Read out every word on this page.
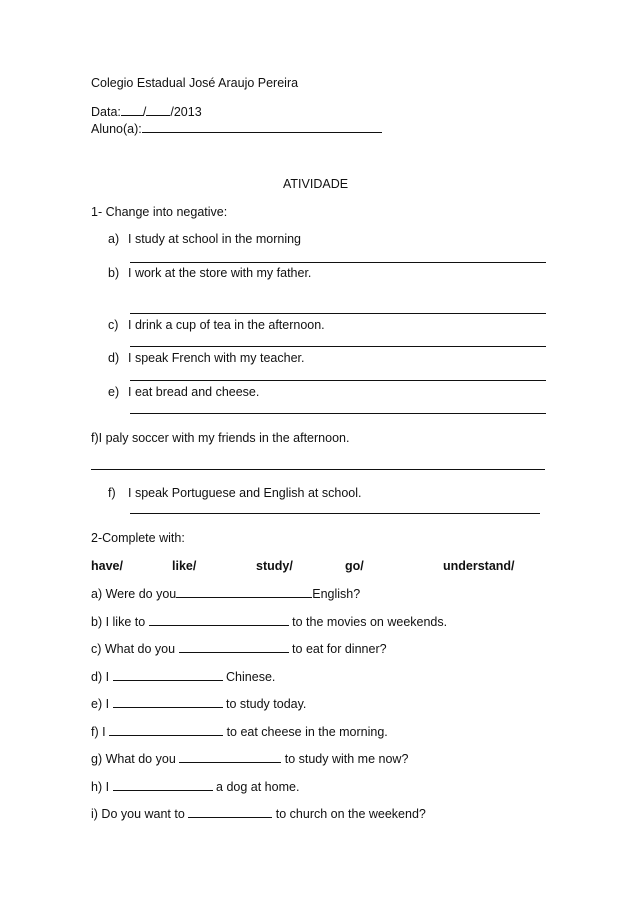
Colegio Estadual José Araujo Pereira
Data: / /2013
Aluno(a):
ATIVIDADE
1- Change into negative:
a) I study at school in the morning
b) I work at the store with my father.
c) I drink a cup of tea in the afternoon.
d) I speak French with my teacher.
e) I eat bread and cheese.
f)I paly soccer with my friends in the afternoon.
f) I speak Portuguese and English at school.
2-Complete with:
have/	like/	study/	go/	understand/
a) Were do you	English?
b) I like to	to the movies on weekends.
c) What do you	to eat for dinner?
d) I	Chinese.
e) I	to study today.
f) I	to eat cheese in the morning.
g) What do you	to study with me now?
h) I	a dog at home.
i) Do you want to	to church on the weekend?
